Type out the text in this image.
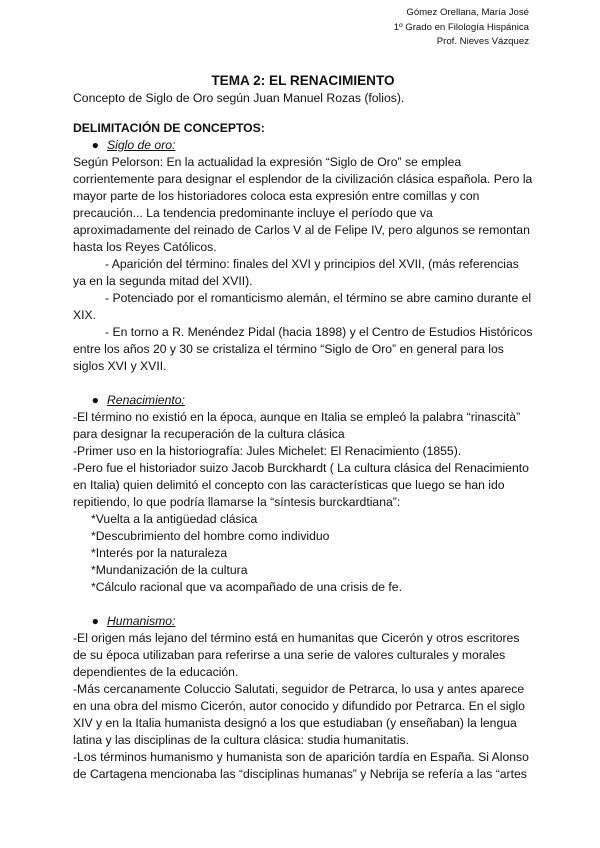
Gómez Orellana, María José
1º Grado en Filología Hispánica
Prof. Nieves Vázquez
TEMA 2: EL RENACIMIENTO

Concepto de Siglo de Oro según Juan Manuel Rozas (folios).

DELIMITACIÓN DE CONCEPTOS:

● Siglo de oro:

Según Pelorson: En la actualidad la expresión “Siglo de Oro” se emplea corrientemente para designar el esplendor de la civilización clásica española. Pero la mayor parte de los historiadores coloca esta expresión entre comillas y con precaución... La tendencia predominante incluye el período que va aproximadamente del reinado de Carlos V al de Felipe IV, pero algunos se remontan hasta los Reyes Católicos.

- Aparición del término: finales del XVI y principios del XVII, (más referencias ya en la segunda mitad del XVII).

- Potenciado por el romanticismo alemán, el término se abre camino durante el XIX.

- En torno a R. Menéndez Pidal (hacia 1898) y el Centro de Estudios Históricos entre los años 20 y 30 se cristaliza el término “Siglo de Oro” en general para los siglos XVI y XVII.

● Renacimiento:

-El término no existió en la época, aunque en Italia se empleó la palabra “rinascità” para designar la recuperación de la cultura clásica

-Primer uso en la historiografía: Jules Michelet: El Renacimiento (1855).

-Pero fue el historiador suizo Jacob Burckhardt ( La cultura clásica del Renacimiento en Italia) quien delimitó el concepto con las características que luego se han ido repitiendo, lo que podría llamarse la “síntesis burckardtiana”:

*Vuelta a la antigüedad clásica

*Descubrimiento del hombre como individuo

*Interés por la naturaleza

*Mundanización de la cultura

*Cálculo racional que va acompañado de una crisis de fe.

● Humanismo:

-El origen más lejano del término está en humanitas que Cicerón y otros escritores de su época utilizaban para referirse a una serie de valores culturales y morales dependientes de la educación.

-Más cercanamente Coluccio Salutati, seguidor de Petrarca, lo usa y antes aparece en una obra del mismo Cicerón, autor conocido y difundido por Petrarca. En el siglo XIV y en la Italia humanista designó a los que estudiaban (y enseñaban) la lengua latina y las disciplinas de la cultura clásica: studia humanitatis.

-Los términos humanismo y humanista son de aparición tardía en España. Si Alonso de Cartagena mencionaba las “disciplinas humanas” y Nebrija se refería a las “artes
